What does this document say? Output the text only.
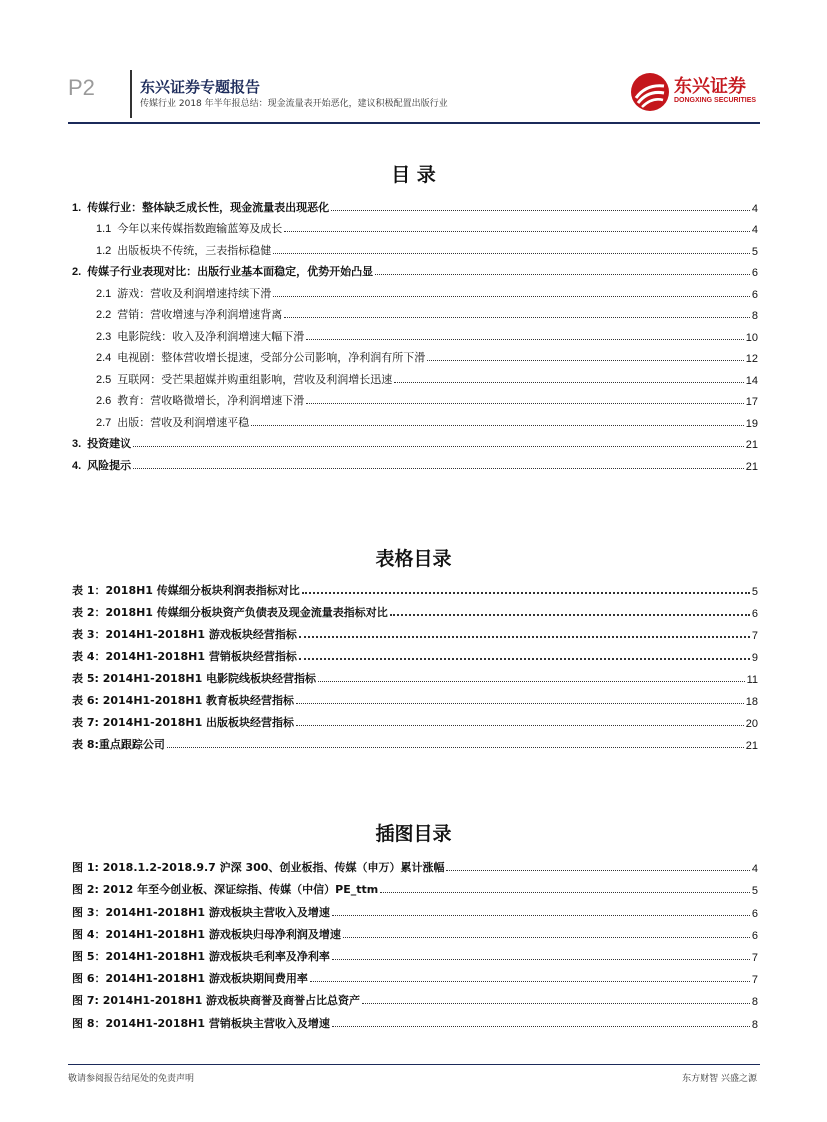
P2	东兴证券专题报告
传媒行业 2018 年半年报总结：现金流量表开始恶化，建议积极配置出版行业
东兴证券
DONGXING SECURITIES
目 录
1. 传媒行业：整体缺乏成长性，现金流量表出现恶化	4
1.1 今年以来传媒指数跑输蓝筹及成长	4
1.2 出版板块不传统，三表指标稳健	5
2. 传媒子行业表现对比：出版行业基本面稳定，优势开始凸显	6
2.1 游戏：营收及利润增速持续下滑	6
2.2 营销：营收增速与净利润增速背离	8
2.3 电影院线：收入及净利润增速大幅下滑	10
2.4 电视剧：整体营收增长提速，受部分公司影响，净利润有所下滑	12
2.5 互联网：受芒果超媒并购重组影响，营收及利润增长迅速	14
2.6 教育：营收略微增长，净利润增速下滑	17
2.7 出版：营收及利润增速平稳	19
3. 投资建议	21
4. 风险提示	21
表格目录
表 1：2018H1 传媒细分板块利润表指标对比	5
表 2：2018H1 传媒细分板块资产负债表及现金流量表指标对比	6
表 3：2014H1-2018H1 游戏板块经营指标	7
表 4：2014H1-2018H1 营销板块经营指标	9
表 5: 2014H1-2018H1 电影院线板块经营指标	11
表 6: 2014H1-2018H1 教育板块经营指标	18
表 7: 2014H1-2018H1 出版板块经营指标	20
表 8:重点跟踪公司	21
插图目录
图 1: 2018.1.2-2018.9.7 沪深 300、创业板指、传媒（申万）累计涨幅	4
图 2: 2012 年至今创业板、深证综指、传媒（中信）PE_ttm	5
图 3：2014H1-2018H1 游戏板块主营收入及增速	6
图 4：2014H1-2018H1 游戏板块归母净利润及增速	6
图 5：2014H1-2018H1 游戏板块毛利率及净利率	7
图 6：2014H1-2018H1 游戏板块期间费用率	7
图 7: 2014H1-2018H1 游戏板块商誉及商誉占比总资产	8
图 8：2014H1-2018H1 营销板块主营收入及增速	8
敬请参阅报告结尾处的免责声明	东方财智 兴盛之源
